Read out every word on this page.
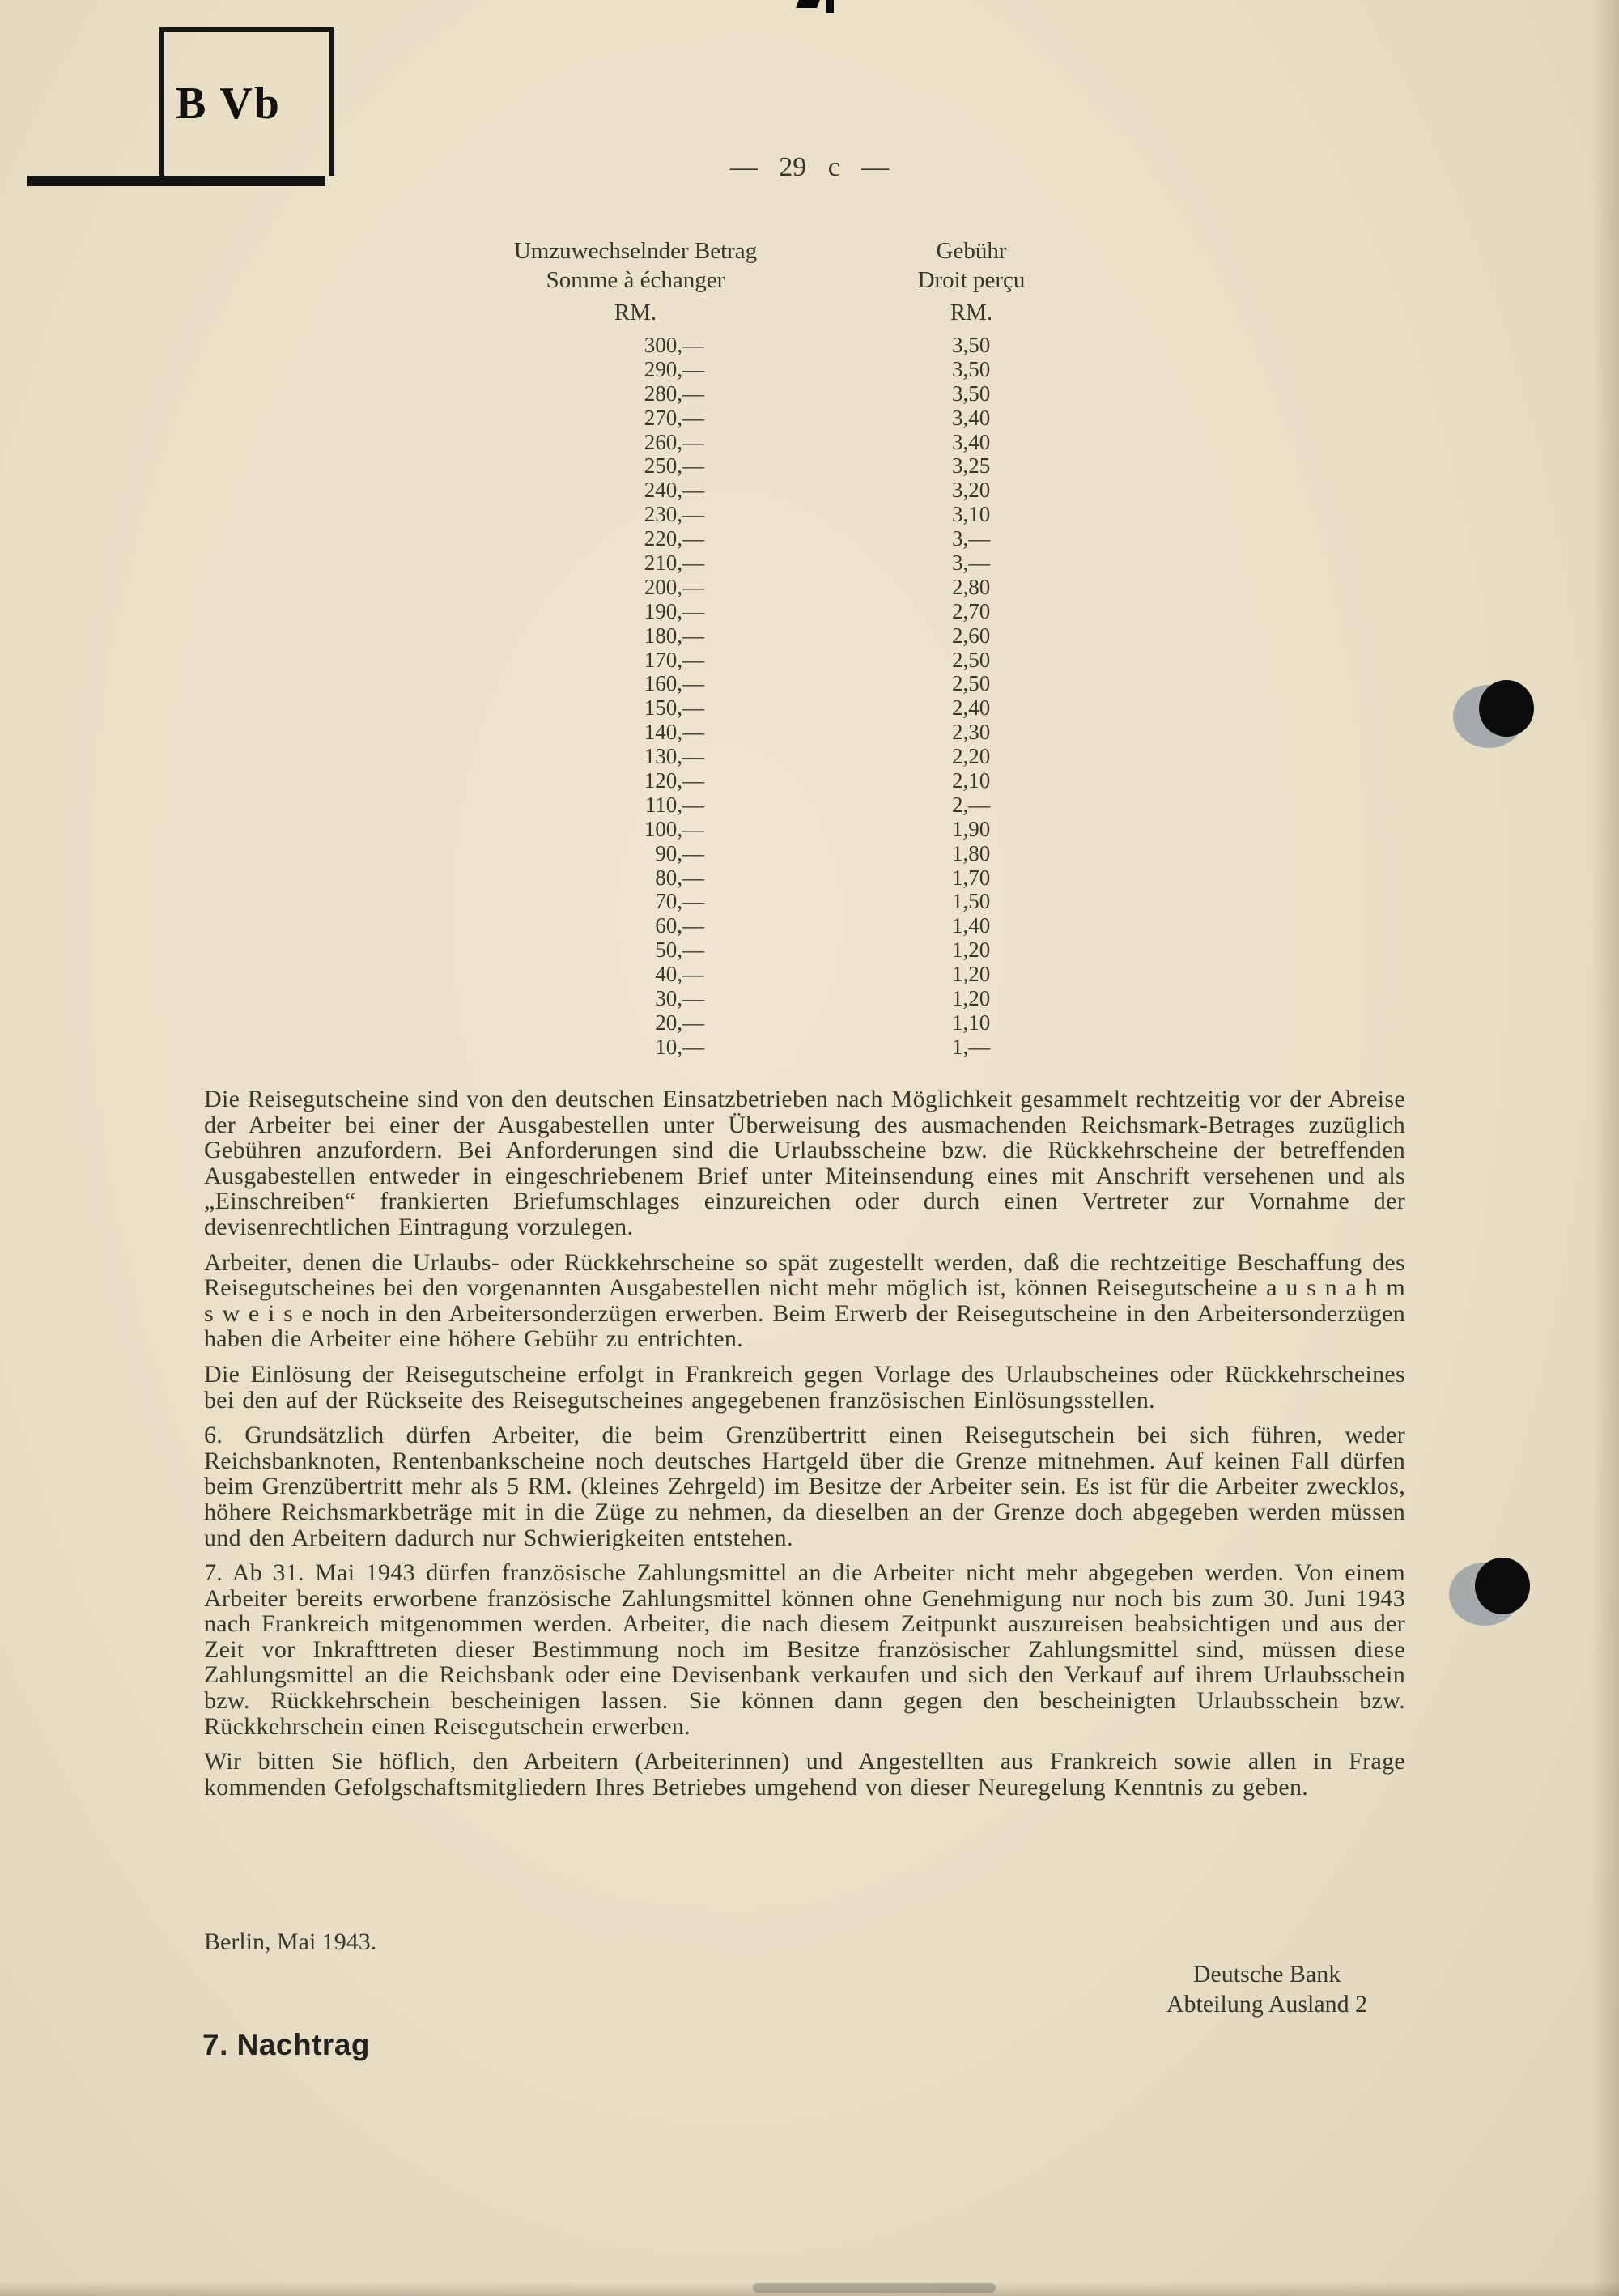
B Vb
— 29 c —
Umzuwechselnder Betrag
Somme à échanger
RM.
Gebühr
Droit perçu
RM.
300,—	3,50
290,—	3,50
280,—	3,50
270,—	3,40
260,—	3,40
250,—	3,25
240,—	3,20
230,—	3,10
220,—	3,—
210,—	3,—
200,—	2,80
190,—	2,70
180,—	2,60
170,—	2,50
160,—	2,50
150,—	2,40
140,—	2,30
130,—	2,20
120,—	2,10
110,—	2,—
100,—	1,90
90,—	1,80
80,—	1,70
70,—	1,50
60,—	1,40
50,—	1,20
40,—	1,20
30,—	1,20
20,—	1,10
10,—	1,—

Die Reisegutscheine sind von den deutschen Einsatzbetrieben nach Möglichkeit gesammelt rechtzeitig vor der Abreise der Arbeiter bei einer der Ausgabestellen unter Überweisung des ausmachenden Reichsmark-Betrages zuzüglich Gebühren anzufordern. Bei Anforderungen sind die Urlaubsscheine bzw. die Rückkehrscheine der betreffenden Ausgabestellen entweder in eingeschriebenem Brief unter Miteinsendung eines mit Anschrift versehenen und als „Einschreiben“ frankierten Briefumschlages einzureichen oder durch einen Vertreter zur Vornahme der devisenrechtlichen Eintragung vorzulegen.

Arbeiter, denen die Urlaubs- oder Rückkehrscheine so spät zugestellt werden, daß die rechtzeitige Beschaffung des Reisegutscheines bei den vorgenannten Ausgabestellen nicht mehr möglich ist, können Reisegutscheine a u s n a h m s w e i s e noch in den Arbeitersonderzügen erwerben. Beim Erwerb der Reisegutscheine in den Arbeitersonderzügen haben die Arbeiter eine höhere Gebühr zu entrichten.

Die Einlösung der Reisegutscheine erfolgt in Frankreich gegen Vorlage des Urlaubscheines oder Rückkehrscheines bei den auf der Rückseite des Reisegutscheines angegebenen französischen Einlösungsstellen.

6. Grundsätzlich dürfen Arbeiter, die beim Grenzübertritt einen Reisegutschein bei sich führen, weder Reichsbanknoten, Rentenbankscheine noch deutsches Hartgeld über die Grenze mitnehmen. Auf keinen Fall dürfen beim Grenzübertritt mehr als 5 RM. (kleines Zehrgeld) im Besitze der Arbeiter sein. Es ist für die Arbeiter zwecklos, höhere Reichsmarkbeträge mit in die Züge zu nehmen, da dieselben an der Grenze doch abgegeben werden müssen und den Arbeitern dadurch nur Schwierigkeiten entstehen.

7. Ab 31. Mai 1943 dürfen französische Zahlungsmittel an die Arbeiter nicht mehr abgegeben werden. Von einem Arbeiter bereits erworbene französische Zahlungsmittel können ohne Genehmigung nur noch bis zum 30. Juni 1943 nach Frankreich mitgenommen werden. Arbeiter, die nach diesem Zeitpunkt auszureisen beabsichtigen und aus der Zeit vor Inkrafttreten dieser Bestimmung noch im Besitze französischer Zahlungsmittel sind, müssen diese Zahlungsmittel an die Reichsbank oder eine Devisenbank verkaufen und sich den Verkauf auf ihrem Urlaubsschein bzw. Rückkehrschein bescheinigen lassen. Sie können dann gegen den bescheinigten Urlaubsschein bzw. Rückkehrschein einen Reisegutschein erwerben.

Wir bitten Sie höflich, den Arbeitern (Arbeiterinnen) und Angestellten aus Frankreich sowie allen in Frage kommenden Gefolgschaftsmitgliedern Ihres Betriebes umgehend von dieser Neuregelung Kenntnis zu geben.

Berlin, Mai 1943.
Deutsche Bank
Abteilung Ausland 2
7. Nachtrag
